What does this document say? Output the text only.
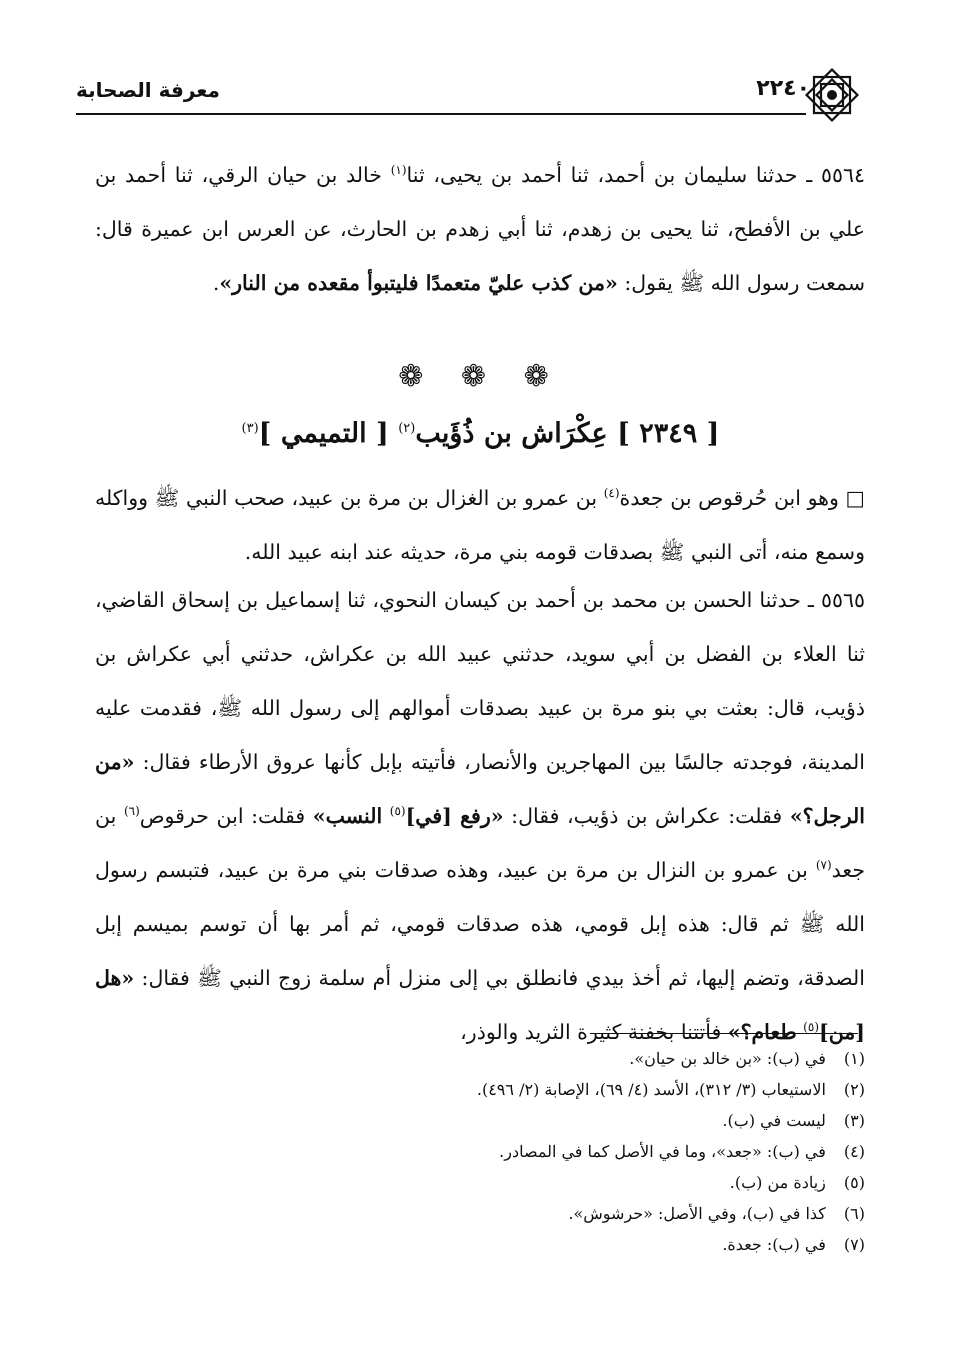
معرفة الصحابة	٢٢٤٠
٥٥٦٤ ـ حدثنا سليمان بن أحمد، ثنا أحمد بن يحيى، ثنا$^{(١)}$ خالد بن حيان الرقي، ثنا أحمد بن علي بن الأفطح، ثنا يحيى بن زهدم، ثنا أبي زهدم بن الحارث، عن العرس ابن عميرة قال: سمعت رسول الله ﷺ يقول: «من كذب عليّ متعمدًا فليتبوأ مقعده من النار».
❁ ❁ ❁
[ ٢٣٤٩ ] عِكْرَاش بن ذُؤَيب$^{(٢)}$ [ التميمي ]$^{(٣)}$
□ وهو ابن حُرقوص بن جعدة$^{(٤)}$ بن عمرو بن الغزال بن مرة بن عبيد، صحب النبي ﷺ وواكله وسمع منه، أتى النبي ﷺ بصدقات قومه بني مرة، حديثه عند ابنه عبيد الله.
٥٥٦٥ ـ حدثنا الحسن بن محمد بن أحمد بن كيسان النحوي، ثنا إسماعيل بن إسحاق القاضي، ثنا العلاء بن الفضل بن أبي سويد، حدثني عبيد الله بن عكراش، حدثني أبي عكراش بن ذؤيب، قال: بعثت بي بنو مرة بن عبيد بصدقات أموالهم إلى رسول الله ﷺ، فقدمت عليه المدينة، فوجدته جالسًا بين المهاجرين والأنصار، فأتيته بإبل كأنها عروق الأرطاء فقال: «من الرجل؟» فقلت: عكراش بن ذؤيب، فقال: «رفع [في]$^{(٥)}$ النسب» فقلت: ابن حرقوص$^{(٦)}$ بن جعد$^{(٧)}$ بن عمرو بن النزال بن مرة بن عبيد، وهذه صدقات بني مرة بن عبيد، فتبسم رسول الله ﷺ ثم قال: هذه إبل قومي، هذه صدقات قومي، ثم أمر بها أن توسم بميسم إبل الصدقة، وتضم إليها، ثم أخذ بيدي فانطلق بي إلى منزل أم سلمة زوج النبي ﷺ فقال: «هل [من]$^{(٥)}$ طعام؟» فأتتنا بخفنة كثيرة الثريد والوذر،
(١) في (ب): «بن خالد بن حيان».
(٢) الاستيعاب (٣/ ٣١٢)، الأسد (٤/ ٦٩)، الإصابة (٢/ ٤٩٦).
(٣) ليست في (ب).
(٤) في (ب): «جعد»، وما في الأصل كما في المصادر.
(٥) زيادة من (ب).
(٦) كذا في (ب)، وفي الأصل: «حرشوش».
(٧) في (ب): جعدة.
